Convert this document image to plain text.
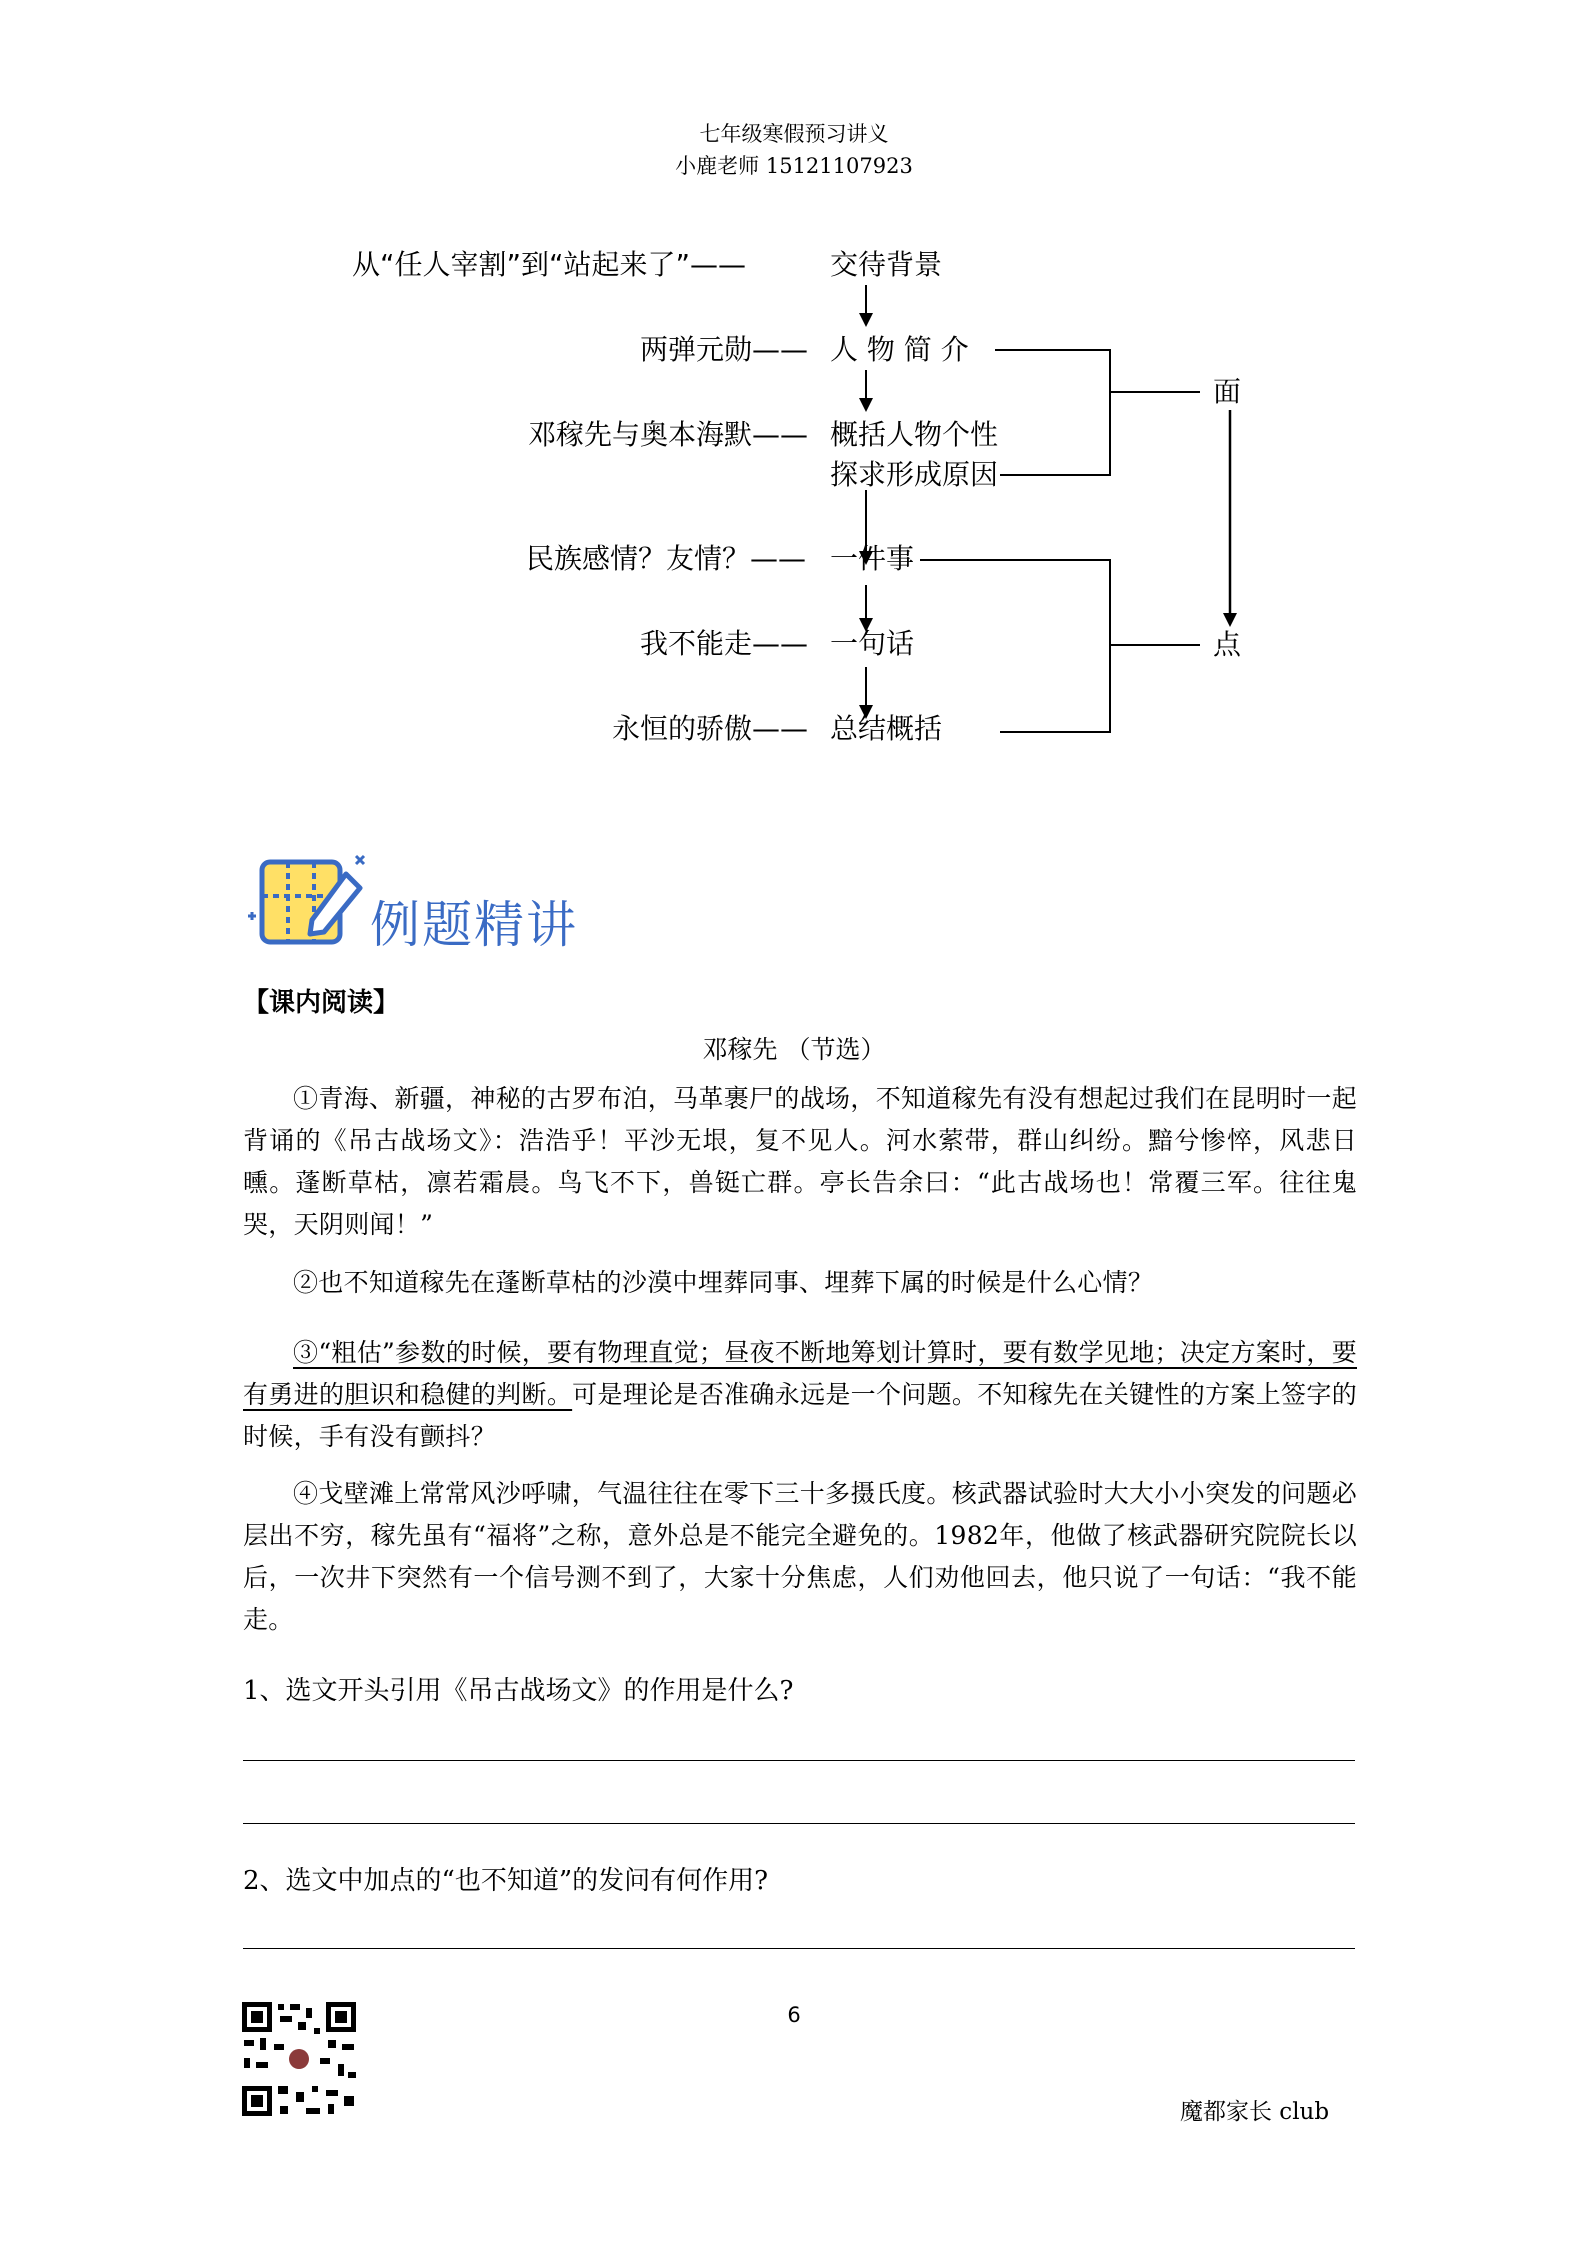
七年级寒假预习讲义
小鹿老师 15121107923
从“任人宰割”到“站起来了”——
两弹元勋——
邓稼先与奥本海默——
民族感情？友情？——
我不能走——
永恒的骄傲——
交待背景
人 物 简 介
概括人物个性
探求形成原因
一件事
一句话
总结概括
面
点
例题精讲
【课内阅读】
邓稼先 （节选）
①青海、新疆，神秘的古罗布泊，马革裹尸的战场，不知道稼先有没有想起过我们在昆明时一起背诵的《吊古战场文》：浩浩乎！平沙无垠，复不见人。河水萦带，群山纠纷。黯兮惨悴，风悲日曛。蓬断草枯，凛若霜晨。鸟飞不下，兽铤亡群。亭长告余曰：“此古战场也！常覆三军。往往鬼哭，天阴则闻！”
②也不知道稼先在蓬断草枯的沙漠中埋葬同事、埋葬下属的时候是什么心情？
③“粗估”参数的时候，要有物理直觉；昼夜不断地筹划计算时，要有数学见地；决定方案时，要有勇进的胆识和稳健的判断。可是理论是否准确永远是一个问题。不知稼先在关键性的方案上签字的时候，手有没有颤抖？
④戈壁滩上常常风沙呼啸，气温往往在零下三十多摄氏度。核武器试验时大大小小突发的问题必层出不穷，稼先虽有“福将”之称，意外总是不能完全避免的。1982年，他做了核武器研究院院长以后，一次井下突然有一个信号测不到了，大家十分焦虑，人们劝他回去，他只说了一句话：“我不能走。
1、选文开头引用《吊古战场文》的作用是什么?
2、选文中加点的“也不知道”的发问有何作用?
6
魔都家长 club
